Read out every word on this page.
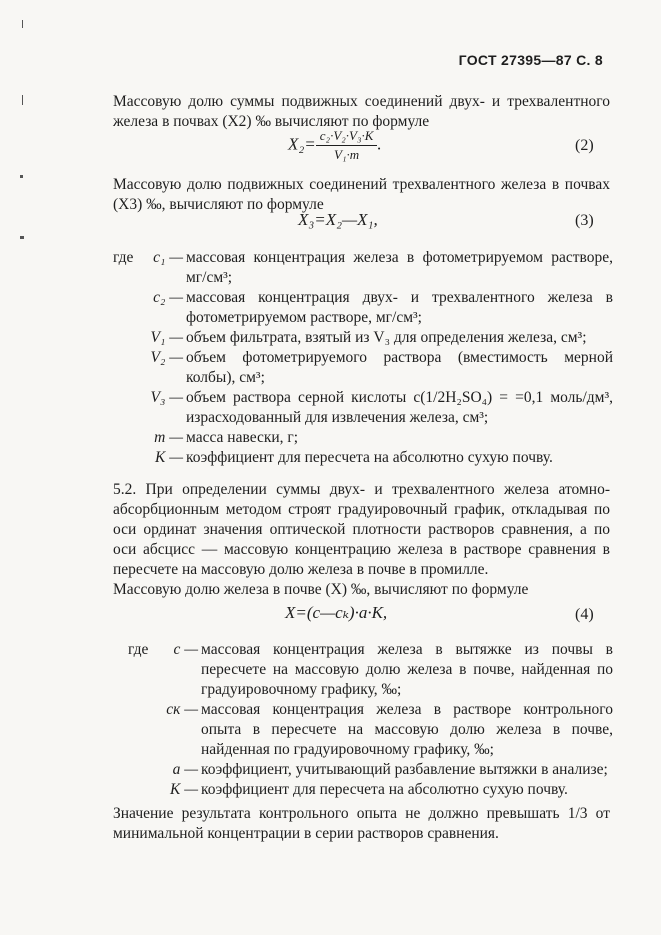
ГОСТ 27395—87 С. 8
Массовую долю суммы подвижных соединений двух- и трехвалентного железа в почвах (X2) ‰ вычисляют по формуле
$X_2= \frac{\text{c₂·V₂·V₃·K}}{\text{V₁·m}}$ .	(2)
Массовую долю подвижных соединений трехвалентного железа в почвах (X3) ‰, вычисляют по формуле
X₃=X₂—X₁,	(3)
где	c₁ — массовая концентрация железа в фотометрируемом растворе, мг/см³;
c₂ — массовая концентрация двух- и трехвалентного железа в фотометрируемом растворе, мг/см³;
V₁ — объем фильтрата, взятый из V₃ для определения железа, см³;
V₂ — объем фотометрируемого раствора (вместимость мерной колбы), см³;
V₃ — объем раствора серной кислоты c(1/2H₂SO₄) = =0,1 моль/дм³, израсходованный для извлечения железа, см³;
m — масса навески, г;
K — коэффициент для пересчета на абсолютно сухую почву.
5.2. При определении суммы двух- и трехвалентного железа атомно-абсорбционным методом строят градуировочный график, откладывая по оси ординат значения оптической плотности растворов сравнения, а по оси абсцисс — массовую концентрацию железа в растворе сравнения в пересчете на массовую долю железа в почве в промилле.
Массовую долю железа в почве (X) ‰, вычисляют по формуле
X=(c—cₖ)·a·K,	(4)
где	c — массовая концентрация железа в вытяжке из почвы в пересчете на массовую долю железа в почве, найденная по градуировочному графику, ‰;
cк — массовая концентрация железа в растворе контрольного опыта в пересчете на массовую долю железа в почве, найденная по градуировочному графику, ‰;
a — коэффициент, учитывающий разбавление вытяжки в анализе;
K — коэффициент для пересчета на абсолютно сухую почву.
Значение результата контрольного опыта не должно превышать 1/3 от минимальной концентрации в серии растворов сравнения.
